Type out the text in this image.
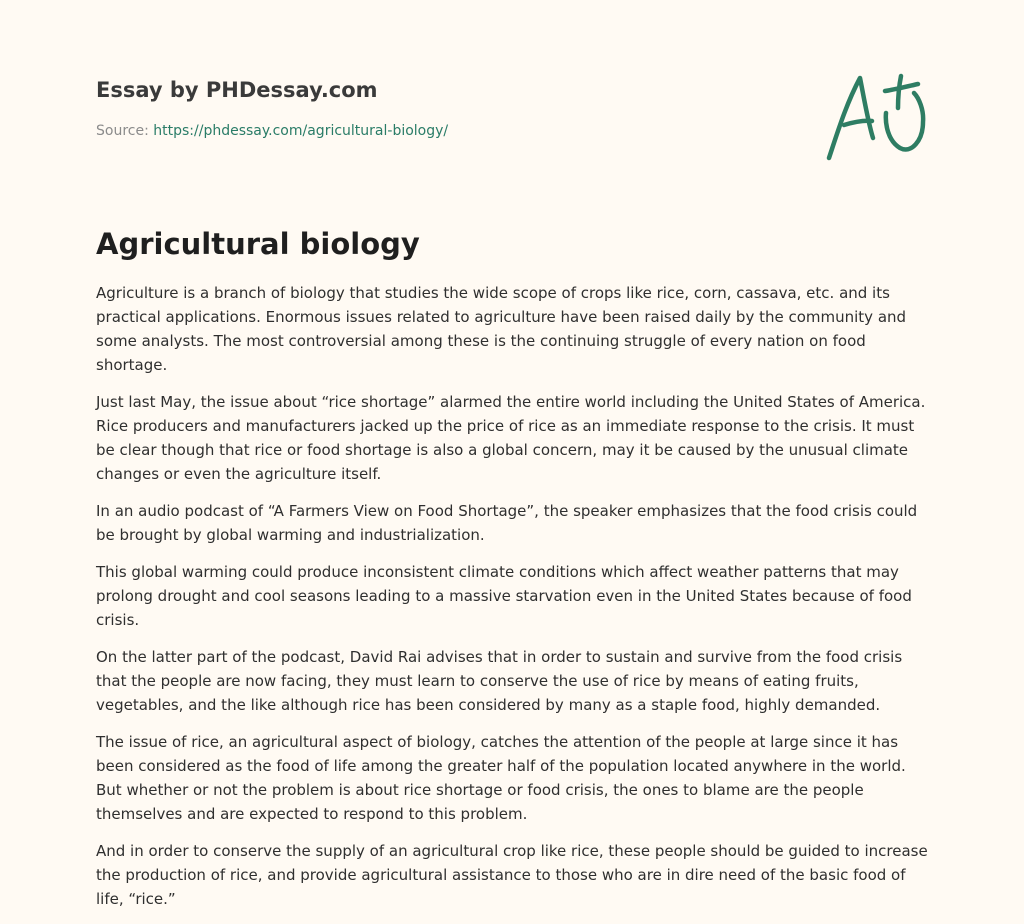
Essay by PHDessay.com
Source: https://phdessay.com/agricultural-biology/
Agricultural biology

Agriculture is a branch of biology that studies the wide scope of crops like rice, corn, cassava, etc. and its practical applications. Enormous issues related to agriculture have been raised daily by the community and some analysts. The most controversial among these is the continuing struggle of every nation on food shortage.

Just last May, the issue about “rice shortage” alarmed the entire world including the United States of America. Rice producers and manufacturers jacked up the price of rice as an immediate response to the crisis. It must be clear though that rice or food shortage is also a global concern, may it be caused by the unusual climate changes or even the agriculture itself.

In an audio podcast of “A Farmers View on Food Shortage”, the speaker emphasizes that the food crisis could be brought by global warming and industrialization.

This global warming could produce inconsistent climate conditions which affect weather patterns that may prolong drought and cool seasons leading to a massive starvation even in the United States because of food crisis.

On the latter part of the podcast, David Rai advises that in order to sustain and survive from the food crisis that the people are now facing, they must learn to conserve the use of rice by means of eating fruits, vegetables, and the like although rice has been considered by many as a staple food, highly demanded.

The issue of rice, an agricultural aspect of biology, catches the attention of the people at large since it has been considered as the food of life among the greater half of the population located anywhere in the world. But whether or not the problem is about rice shortage or food crisis, the ones to blame are the people themselves and are expected to respond to this problem.

And in order to conserve the supply of an agricultural crop like rice, these people should be guided to increase the production of rice, and provide agricultural assistance to those who are in dire need of the basic food of life, “rice.”
